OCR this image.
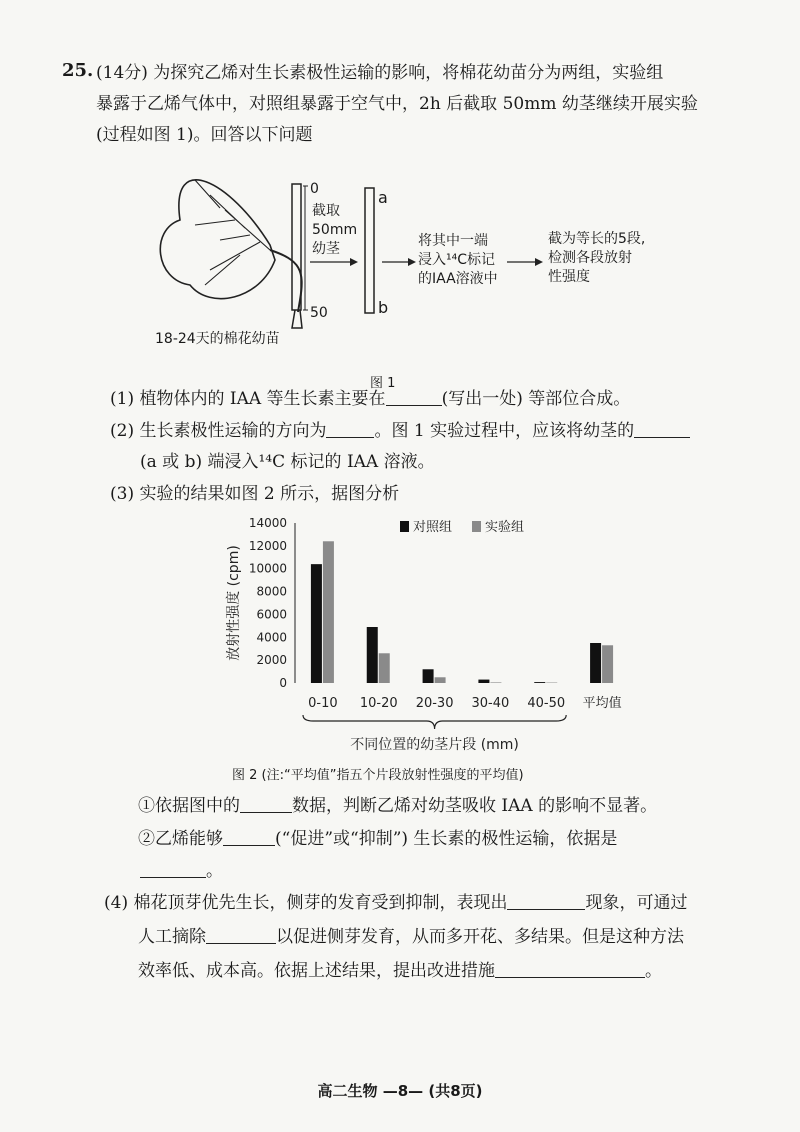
25. (14分) 为探究乙烯对生长素极性运输的影响，将棉花幼苗分为两组，实验组
暴露于乙烯气体中，对照组暴露于空气中，2h 后截取 50mm 幼茎继续开展实验
(过程如图 1)。回答以下问题
0
50
截取
50mm
幼茎
a
b
将其中一端
浸入¹⁴C标记
的IAA溶液中
截为等长的5段,
检测各段放射
性强度
18-24天的棉花幼苗
图 1
(1) 植物体内的 IAA 等生长素主要在	(写出一处) 等部位合成。
(2) 生长素极性运输的方向为	。图 1 实验过程中，应该将幼茎的
(a 或 b) 端浸入¹⁴C 标记的 IAA 溶液。
(3) 实验的结果如图 2 所示，据图分析
0
2000
4000
6000
8000
10000
12000
14000
放射性强度 (cpm)
0-10 10-20 20-30 30-40 40-50 平均值
不同位置的幼茎片段 (mm)
对照组	实验组
图 2 (注:“平均值”指五个片段放射性强度的平均值)
①依据图中的	数据，判断乙烯对幼茎吸收 IAA 的影响不显著。
②乙烯能够	(“促进”或“抑制”) 生长素的极性运输，依据是
。
(4) 棉花顶芽优先生长，侧芽的发育受到抑制，表现出	现象，可通过
人工摘除	以促进侧芽发育，从而多开花、多结果。但是这种方法
效率低、成本高。依据上述结果，提出改进措施	。
高二生物 —8— (共8页)
